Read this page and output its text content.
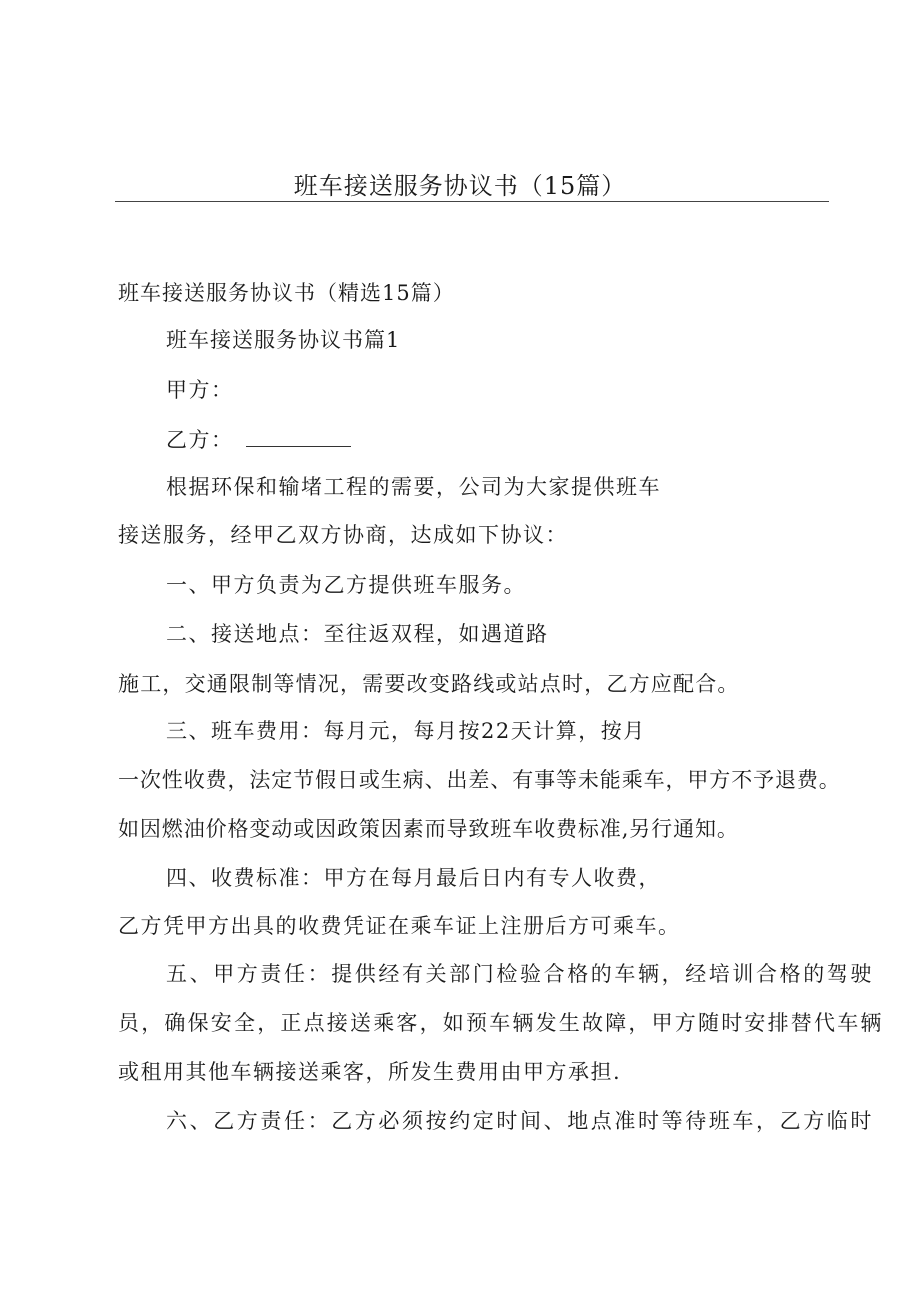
班车接送服务协议书（15篇）
班车接送服务协议书（精选15篇）
班车接送服务协议书篇1
甲方：
乙方：
根据环保和输堵工程的需要，公司为大家提供班车
接送服务，经甲乙双方协商，达成如下协议：
一、甲方负责为乙方提供班车服务。
二、接送地点：至往返双程，如遇道路
施工，交通限制等情况，需要改变路线或站点时，乙方应配合。
三、班车费用：每月元，每月按22天计算，按月
一次性收费，法定节假日或生病、出差、有事等未能乘车，甲方不予退费。
如因燃油价格变动或因政策因素而导致班车收费标准,另行通知。
四、收费标准：甲方在每月最后日内有专人收费，
乙方凭甲方出具的收费凭证在乘车证上注册后方可乘车。
五、甲方责任：提供经有关部门检验合格的车辆，经培训合格的驾驶
员，确保安全，正点接送乘客，如预车辆发生故障，甲方随时安排替代车辆
或租用其他车辆接送乘客，所发生费用由甲方承担.
六、乙方责任：乙方必须按约定时间、地点准时等待班车，乙方临时
